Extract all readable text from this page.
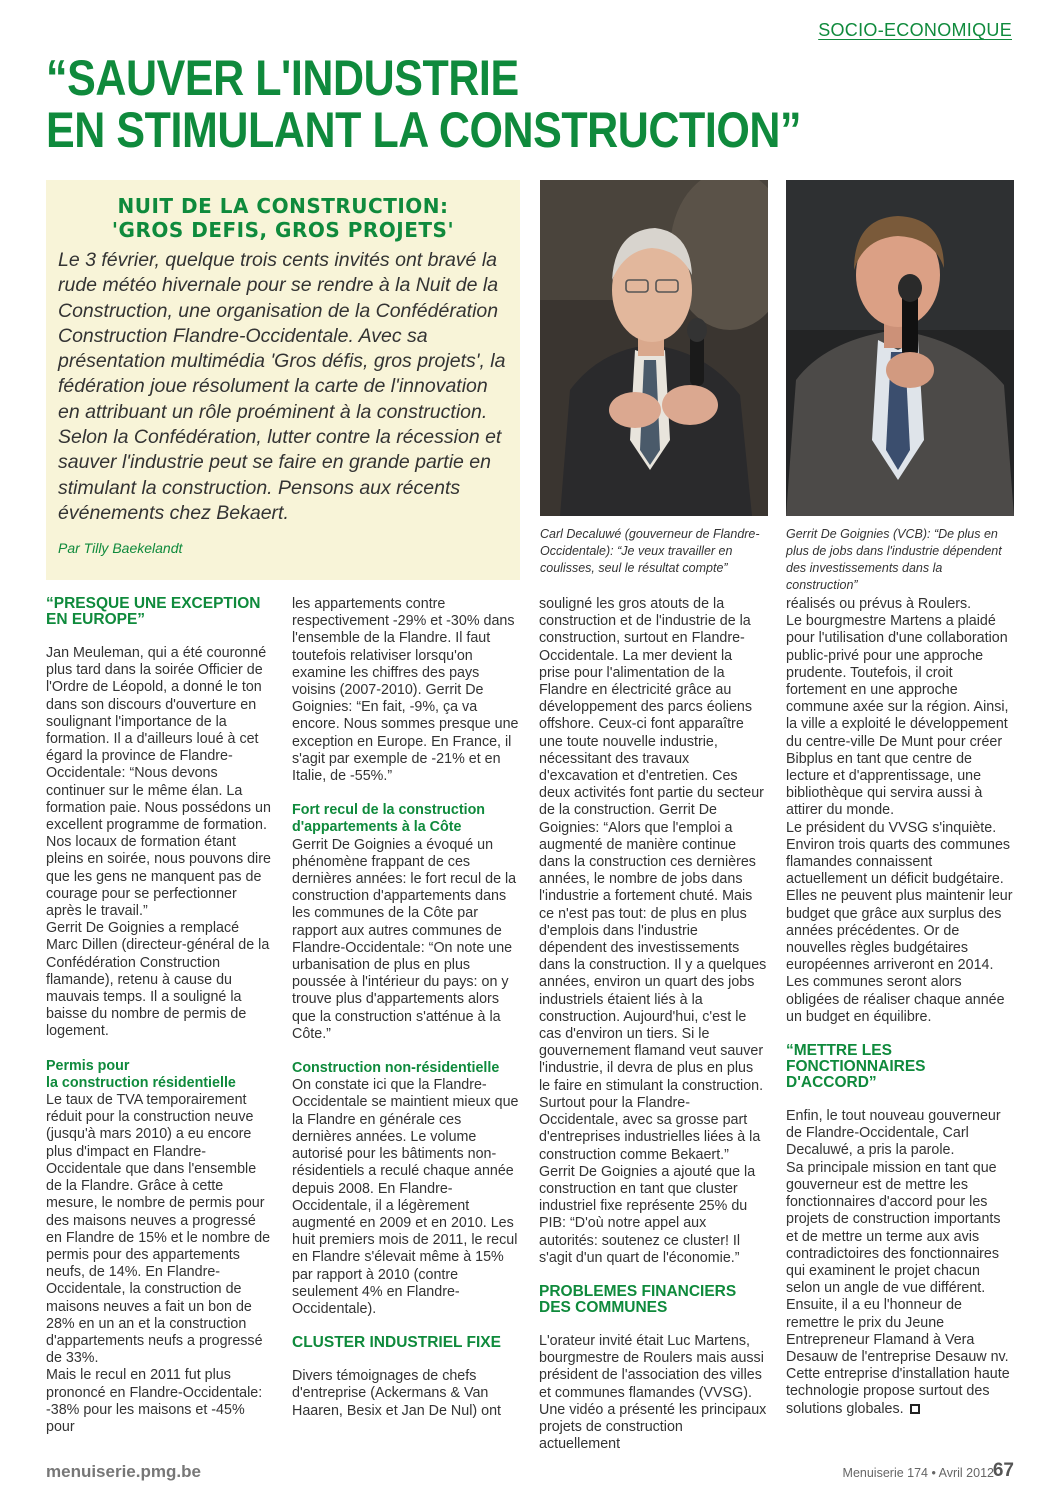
SOCIO-ECONOMIQUE
“SAUVER L'INDUSTRIE
EN STIMULANT LA CONSTRUCTION”
NUIT DE LA CONSTRUCTION:
'GROS DEFIS, GROS PROJETS'
Le 3 février, quelque trois cents invités ont bravé la rude météo hivernale pour se rendre à la Nuit de la Construction, une organisation de la Confédération Construction Flandre-Occidentale. Avec sa présentation multimédia 'Gros défis, gros projets', la fédération joue résolument la carte de l'innovation en attribuant un rôle proéminent à la construction. Selon la Confédération, lutter contre la récession et sauver l'industrie peut se faire en grande partie en stimulant la construction. Pensons aux récents événements chez Bekaert.
Par Tilly Baekelandt
Carl Decaluwé (gouverneur de Flandre-Occidentale): “Je veux travailler en coulisses, seul le résultat compte”
Gerrit De Goignies (VCB): “De plus en plus de jobs dans l'industrie dépendent des investissements dans la construction”
“PRESQUE UNE EXCEPTION EN EUROPE”

Jan Meuleman, qui a été couronné plus tard dans la soirée Officier de l'Ordre de Léopold, a donné le ton dans son discours d'ouverture en soulignant l'importance de la formation. Il a d'ailleurs loué à cet égard la province de Flandre-Occidentale: “Nous devons continuer sur le même élan. La formation paie. Nous possédons un excellent programme de formation. Nos locaux de formation étant pleins en soirée, nous pouvons dire que les gens ne manquent pas de courage pour se perfectionner après le travail.”

Gerrit De Goignies a remplacé Marc Dillen (directeur-général de la Confédération Construction flamande), retenu à cause du mauvais temps. Il a souligné la baisse du nombre de permis de logement.

Permis pour
la construction résidentielle

Le taux de TVA temporairement réduit pour la construction neuve (jusqu'à mars 2010) a eu encore plus d'impact en Flandre-Occidentale que dans l'ensemble de la Flandre. Grâce à cette mesure, le nombre de permis pour des maisons neuves a progressé en Flandre de 15% et le nombre de permis pour des appartements neufs, de 14%. En Flandre-Occidentale, la construction de maisons neuves a fait un bon de 28% en un an et la construction d'appartements neufs a progressé de 33%.

Mais le recul en 2011 fut plus prononcé en Flandre-Occidentale: -38% pour les maisons et -45% pour

les appartements contre respectivement -29% et -30% dans l'ensemble de la Flandre. Il faut toutefois relativiser lorsqu'on examine les chiffres des pays voisins (2007-2010). Gerrit De Goignies: “En fait, -9%, ça va encore. Nous sommes presque une exception en Europe. En France, il s'agit par exemple de -21% et en Italie, de -55%.”

Fort recul de la construction
d'appartements à la Côte

Gerrit De Goignies a évoqué un phénomène frappant de ces dernières années: le fort recul de la construction d'appartements dans les communes de la Côte par rapport aux autres communes de Flandre-Occidentale: “On note une urbanisation de plus en plus poussée à l'intérieur du pays: on y trouve plus d'appartements alors que la construction s'atténue à la Côte.”

Construction non-résidentielle

On constate ici que la Flandre-Occidentale se maintient mieux que la Flandre en générale ces dernières années. Le volume autorisé pour les bâtiments non-résidentiels a reculé chaque année depuis 2008. En Flandre-Occidentale, il a légèrement augmenté en 2009 et en 2010. Les huit premiers mois de 2011, le recul en Flandre s'élevait même à 15% par rapport à 2010 (contre seulement 4% en Flandre-Occidentale).

CLUSTER INDUSTRIEL FIXE

Divers témoignages de chefs d'entreprise (Ackermans & Van Haaren, Besix et Jan De Nul) ont

souligné les gros atouts de la construction et de l'industrie de la construction, surtout en Flandre-Occidentale. La mer devient la prise pour l'alimentation de la Flandre en électricité grâce au développement des parcs éoliens offshore. Ceux-ci font apparaître une toute nouvelle industrie, nécessitant des travaux d'excavation et d'entretien. Ces deux activités font partie du secteur de la construction. Gerrit De Goignies: “Alors que l'emploi a augmenté de manière continue dans la construction ces dernières années, le nombre de jobs dans l'industrie a fortement chuté. Mais ce n'est pas tout: de plus en plus d'emplois dans l'industrie dépendent des investissements dans la construction. Il y a quelques années, environ un quart des jobs industriels étaient liés à la construction. Aujourd'hui, c'est le cas d'environ un tiers. Si le gouvernement flamand veut sauver l'industrie, il devra de plus en plus le faire en stimulant la construction. Surtout pour la Flandre-Occidentale, avec sa grosse part d'entreprises industrielles liées à la construction comme Bekaert.” Gerrit De Goignies a ajouté que la construction en tant que cluster industriel fixe représente 25% du PIB: “D'où notre appel aux autorités: soutenez ce cluster! Il s'agit d'un quart de l'économie.”

PROBLEMES FINANCIERS DES COMMUNES

L'orateur invité était Luc Martens, bourgmestre de Roulers mais aussi président de l'association des villes et communes flamandes (VVSG). Une vidéo a présenté les principaux projets de construction actuellement

réalisés ou prévus à Roulers.

Le bourgmestre Martens a plaidé pour l'utilisation d'une collaboration public-privé pour une approche prudente. Toutefois, il croit fortement en une approche commune axée sur la région. Ainsi, la ville a exploité le développement du centre-ville De Munt pour créer Bibplus en tant que centre de lecture et d'apprentissage, une bibliothèque qui servira aussi à attirer du monde.

Le président du VVSG s'inquiète. Environ trois quarts des communes flamandes connaissent actuellement un déficit budgétaire. Elles ne peuvent plus maintenir leur budget que grâce aux surplus des années précédentes. Or de nouvelles règles budgétaires européennes arriveront en 2014.

Les communes seront alors obligées de réaliser chaque année un budget en équilibre.

“METTRE LES FONCTIONNAIRES D'ACCORD”

Enfin, le tout nouveau gouverneur de Flandre-Occidentale, Carl Decaluwé, a pris la parole.

Sa principale mission en tant que gouverneur est de mettre les fonctionnaires d'accord pour les projets de construction importants et de mettre un terme aux avis contradictoires des fonctionnaires qui examinent le projet chacun selon un angle de vue différent. Ensuite, il a eu l'honneur de remettre le prix du Jeune Entrepreneur Flamand à Vera Desauw de l'entreprise Desauw nv.

Cette entreprise d'installation haute technologie propose surtout des solutions globales.

menuiserie.pmg.be	Menuiserie 174 • Avril 2012
67
